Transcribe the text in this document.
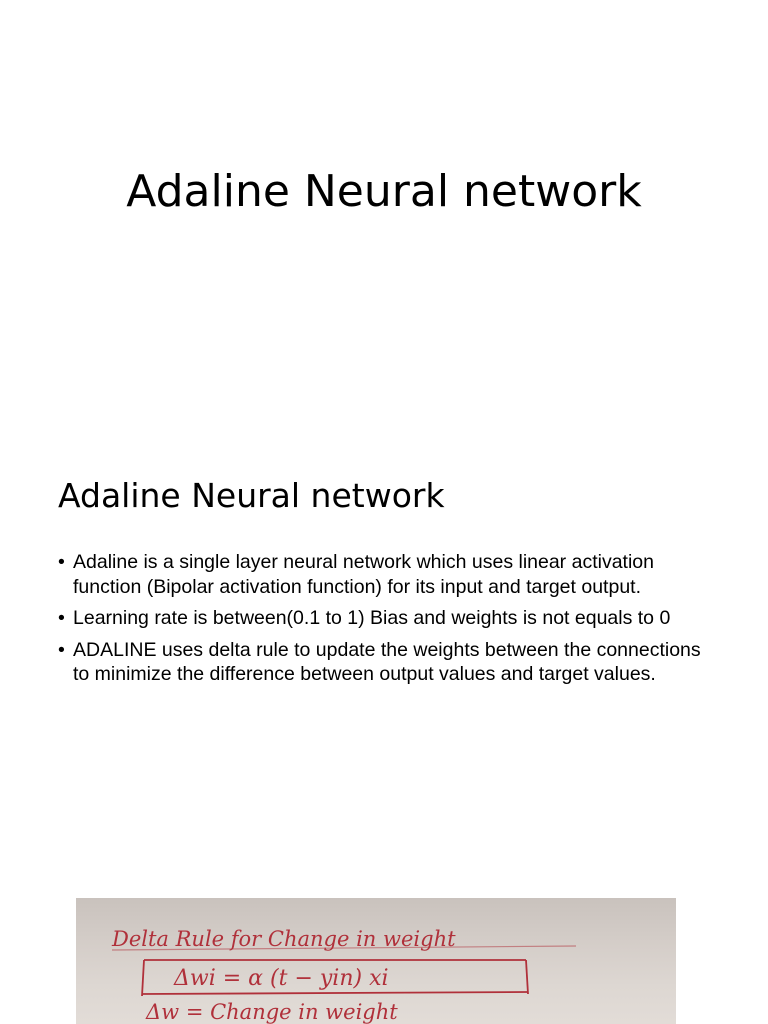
Adaline Neural network
Adaline Neural network
• Adaline is a single layer neural network which uses linear activation function (Bipolar activation function) for its input and target output.
• Learning rate is between(0.1 to 1) Bias and weights is not equals to 0
• ADALINE uses delta rule to update the weights between the connections to minimize the difference between output values and target values.
Delta Rule for Change in weight
Δwi = α (t − yin) xi
Δw = Change in weight
